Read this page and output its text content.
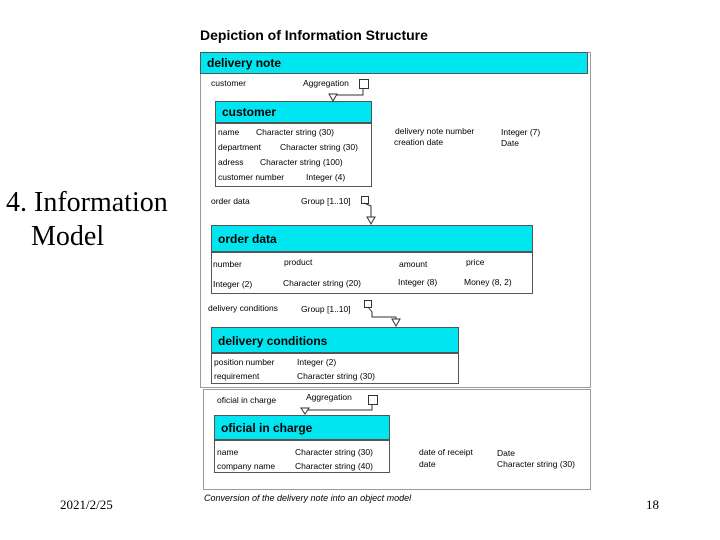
4. Information
Model
Depiction of Information Structure
delivery note
customer	Aggregation
customer
name Character string (30)
department Character string (30)
adress Character string (100)
customer number	Integer (4)
delivery note number	Integer (7)
creation date	Date
order data	Group [1..10]
order data
number	product	amount	price
Integer (2)	Character string (20)	Integer (8)	Money (8, 2)
delivery conditions	Group [1..10]
delivery conditions
position number	Integer (2)
requirement	Character string (30)
oficial in charge	Aggregation
oficial in charge
name	Character string (30)
company name Character string (40)
date of receipt	Date
date	Character string (30)
Conversion of the delivery note into an object model
2021/2/25	18
